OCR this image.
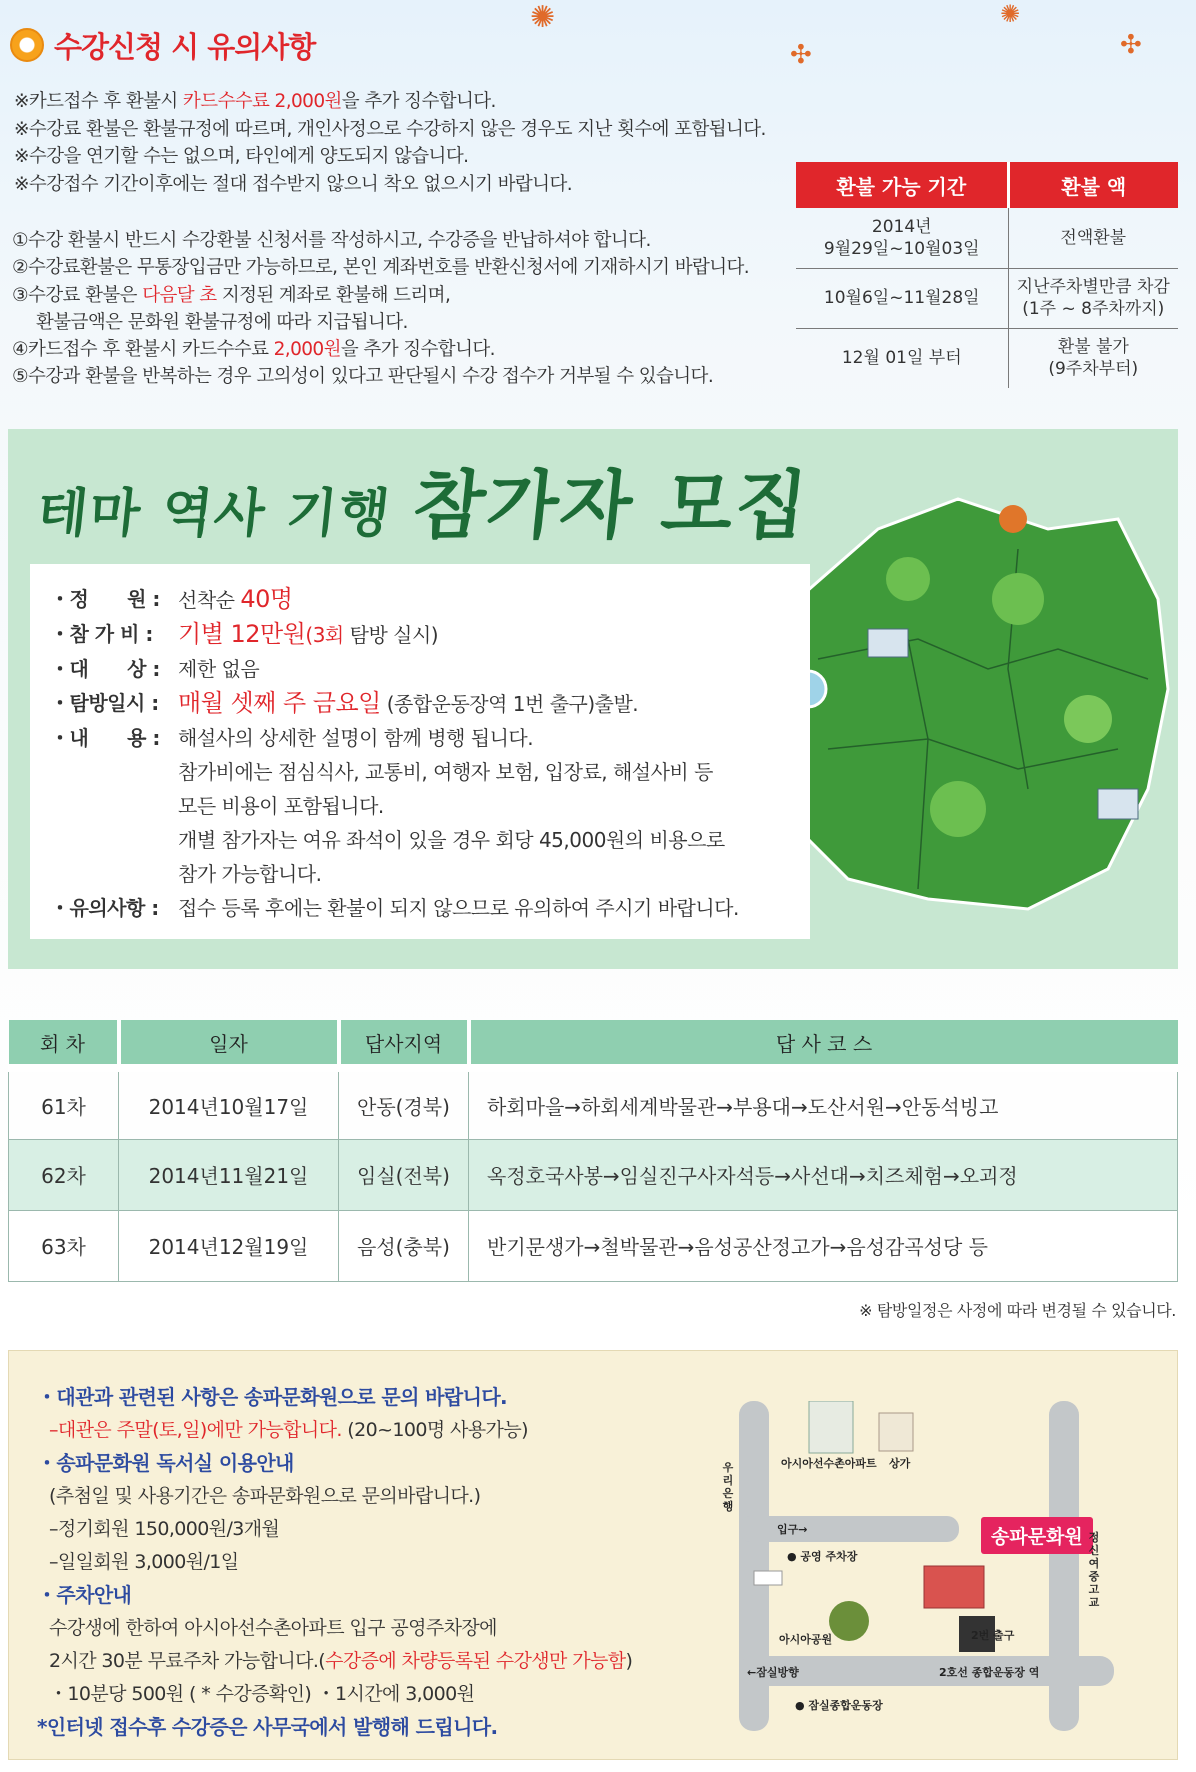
✺
✣	✣
✺
수강신청 시 유의사항
※카드접수 후 환불시 카드수수료 2,000원을 추가 징수합니다.
※수강료 환불은 환불규정에 따르며, 개인사정으로 수강하지 않은 경우도 지난 횟수에 포함됩니다.
※수강을 연기할 수는 없으며, 타인에게 양도되지 않습니다.
※수강접수 기간이후에는 절대 접수받지 않으니 착오 없으시기 바랍니다.
①수강 환불시 반드시 수강환불 신청서를 작성하시고, 수강증을 반납하셔야 합니다.
②수강료환불은 무통장입금만 가능하므로, 본인 계좌번호를 반환신청서에 기재하시기 바랍니다.
③수강료 환불은 다음달 초 지정된 계좌로 환불해 드리며,
환불금액은 문화원 환불규정에 따라 지급됩니다.
④카드접수 후 환불시 카드수수료 2,000원을 추가 징수합니다.
⑤수강과 환불을 반복하는 경우 고의성이 있다고 판단될시 수강 접수가 거부될 수 있습니다.
환불 가능 기간	환불 액
2014년
9월29일~10월03일	전액환불
10월6일~11월28일	지난주차별만큼 차감
(1주 ~ 8주차까지)
12월 01일 부터	환불 불가
(9주차부터)
테마 역사 기행 참가자 모집
・정      원 : 선착순 40명
・참 가 비 : 기별 12만원(3회 탐방 실시)
・대      상 : 제한 없음
・탐방일시 : 매월 셋째 주 금요일 (종합운동장역 1번 출구)출발.
・내      용 : 해설사의 상세한 설명이 함께 병행 됩니다.
참가비에는 점심식사, 교통비, 여행자 보험, 입장료, 해설사비 등
모든 비용이 포함됩니다.
개별 참가자는 여유 좌석이 있을 경우 회당 45,000원의 비용으로
참가 가능합니다.
・유의사항 : 접수 등록 후에는 환불이 되지 않으므로 유의하여 주시기 바랍니다.
회 차	일자	답사지역	답 사 코 스
61차	2014년10월17일	안동(경북)	하회마을→하회세계박물관→부용대→도산서원→안동석빙고
62차	2014년11월21일	임실(전북)	옥정호국사봉→임실진구사자석등→사선대→치즈체험→오괴정
63차	2014년12월19일	음성(충북)	반기문생가→철박물관→음성공산정고가→음성감곡성당 등
※ 탐방일정은 사정에 따라 변경될 수 있습니다.
・대관과 관련된 사항은 송파문화원으로 문의 바랍니다.
–대관은 주말(토,일)에만 가능합니다. (20~100명 사용가능)
・송파문화원 독서실 이용안내
(추첨일 및 사용기간은 송파문화원으로 문의바랍니다.)
–정기회원 150,000원/3개월
–일일회원 3,000원/1일
・주차안내
수강생에 한하여 아시아선수촌아파트 입구 공영주차장에
2시간 30분 무료주차 가능합니다.(수강증에 차량등록된 수강생만 가능함)
・10분당 500원 ( * 수강증확인) ・1시간에 3,000원
*인터넷 접수후 수강증은 사무국에서 발행해 드립니다.
송파문화원
아시아선수촌아파트 상가
입구→
● 공영 주차장
아시아공원	2번 출구
2호선 종합운동장 역
←잠실방향
● 잠실종합운동장
우리은행
정신여중고교
